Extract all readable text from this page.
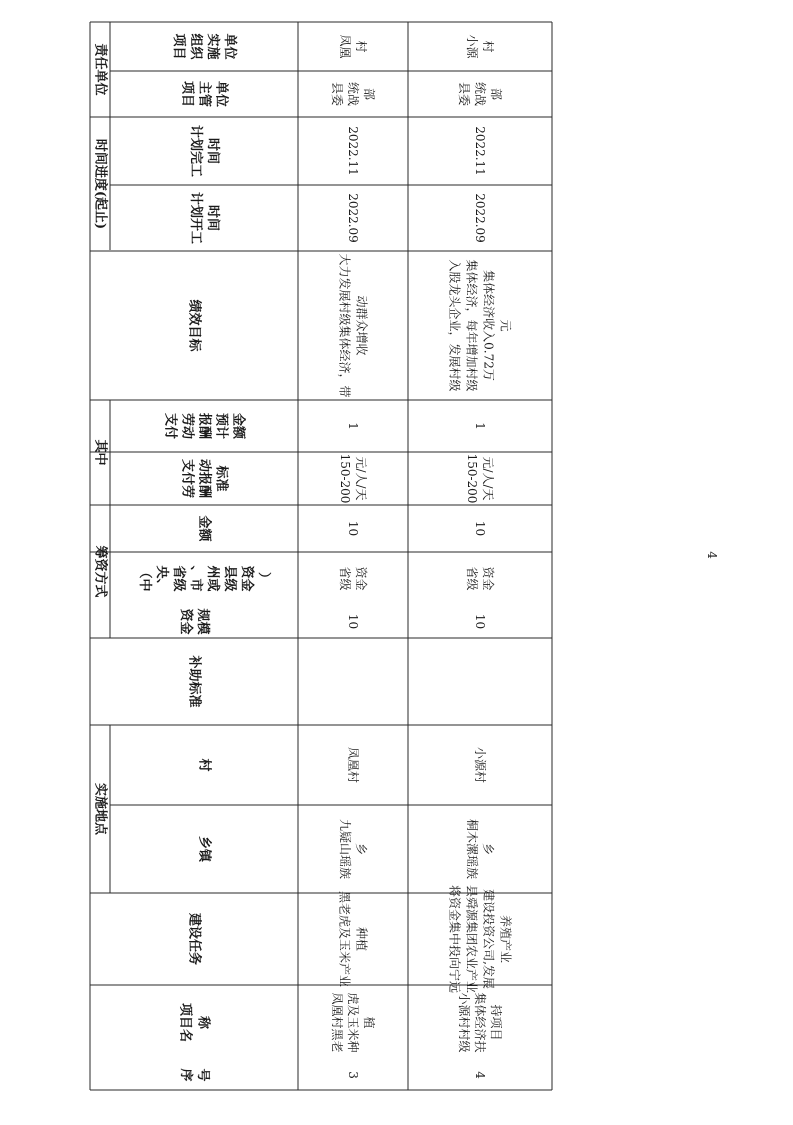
责任单位
时间进度(起止)
其中
筹资方式
实施地点
项目 组织 实施 单位
项目 主管 单位
计划完工 时间
计划开工 时间
绩效目标
支付 劳动 报酬 预计 金额
支付劳 动报酬 标准
金额
（中 央、 省级 、市 州或 县级 资金 ）
资金 规模
补助标准
村
乡镇
建设任务
项目名 称
序 号
凤凰 村
县委 统战 部
2022.11
2022.09
大力发展村级集体经济，带 动群众增收
1
150-200 元/人/天
10
省级 资金
10
凤凰村
九疑山瑶族 乡
黑老虎及玉米产业 种植
凤凰村黑老 虎及玉米种 植
3
小源 村
县委 统战 部
2022.11
2022.09
入股龙头企业，发展村级 集体经济，每年增加村级 集体经济收入0.72万 元
1
150-200 元/人/天
10
省级 资金
10
小源村
桐木漯瑶族 乡
将资金集中投向宁远 县舜源集团农业产业 建设投资公司,发展 养殖产业
小源村村级 集体经济扶 持项目
4
4
